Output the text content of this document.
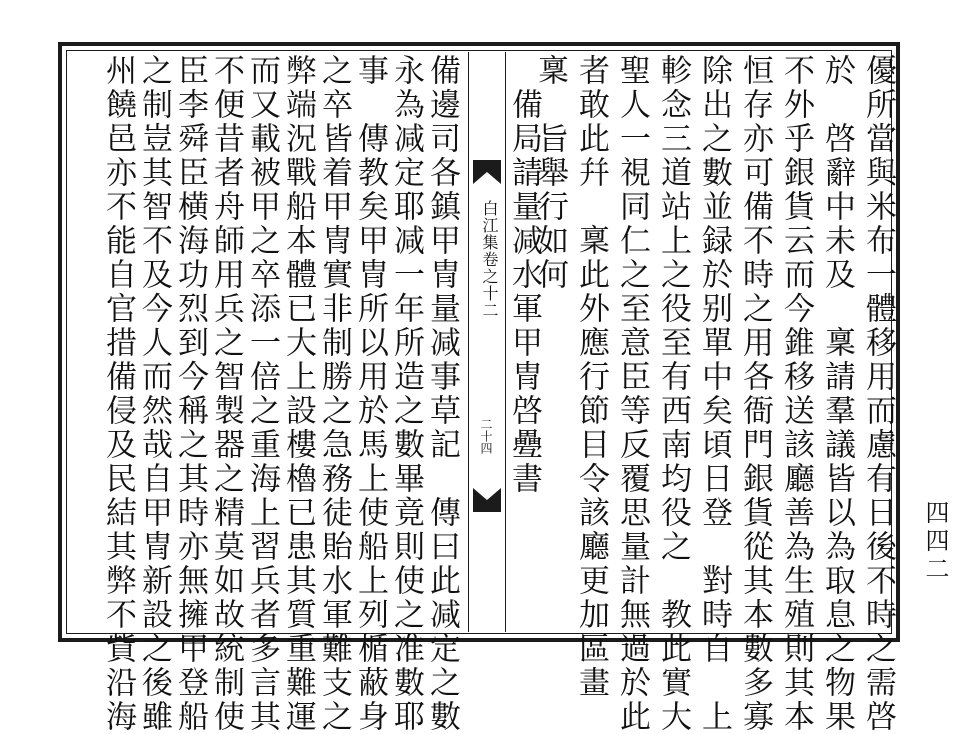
優所當與米布一體移用而慮有日後不時之需啓
於　啓辭中未及　稟請羣議皆以為取息之物果
不外乎銀貨云而今錐移送該廳善為生殖則其本
恒存亦可備不時之用各衙門銀貨從其本數多寡
除出之數並録於别單中矣頃日登　對時自　上
軫念三道站上之役至有西南均役之　教此實大
聖人一視同仁之至意臣等反覆思量計無過於此
者敢此幷　稟此外應行節目令該廳更加區畫
稟　旨舉行如何
　備局請量减水軍甲冑啓疉書
白江集卷之十二
二十四
備邊司各鎮甲冑量减事草記　傳曰此减定之數
永為减定耶减一年所造之數畢竟則使之准數耶
事　傳教矣甲冑所以用於馬上使船上列楯蔽身
之卒皆着甲冑實非制勝之急務徒貽水軍難支之
弊端況戰船本體已大上設樓櫓已患其質重難運
而又載被甲之卒添一倍之重海上習兵者多言其
不便昔者舟師用兵之智製器之精莫如故統制使
臣李舜臣横海功烈到今稱之其時亦無擁甲登船
之制豈其智不及今人而然哉自甲冑新設之後雖
州饒邑亦不能自官措備侵及民結其弊不貲沿海	四四二
